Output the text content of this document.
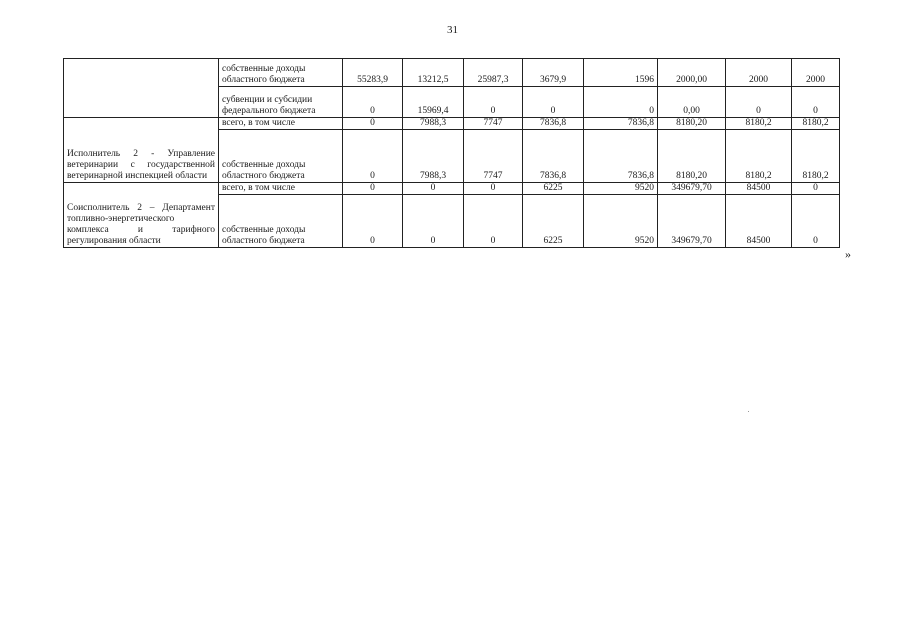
31
	собственные доходы областного бюджета	55283,9	13212,5	25987,3	3679,9	1596	2000,00	2000	2000
	субвенции и субсидии федерального бюджета	0	15969,4	0	0	0	0,00	0	0
Исполнитель 2 - Управление ветеринарии с государственной ветеринарной инспекцией области	всего, в том числе	0	7988,3	7747	7836,8	7836,8	8180,20	8180,2	8180,2
	собственные доходы областного бюджета	0	7988,3	7747	7836,8	7836,8	8180,20	8180,2	8180,2
Соисполнитель 2 – Департамент топливно-энергетического комплекса и тарифного регулирования области	всего, в том числе	0	0	0	6225	9520	349679,70	84500	0
	собственные доходы областного бюджета	0	0	0	6225	9520	349679,70	84500	0
»
